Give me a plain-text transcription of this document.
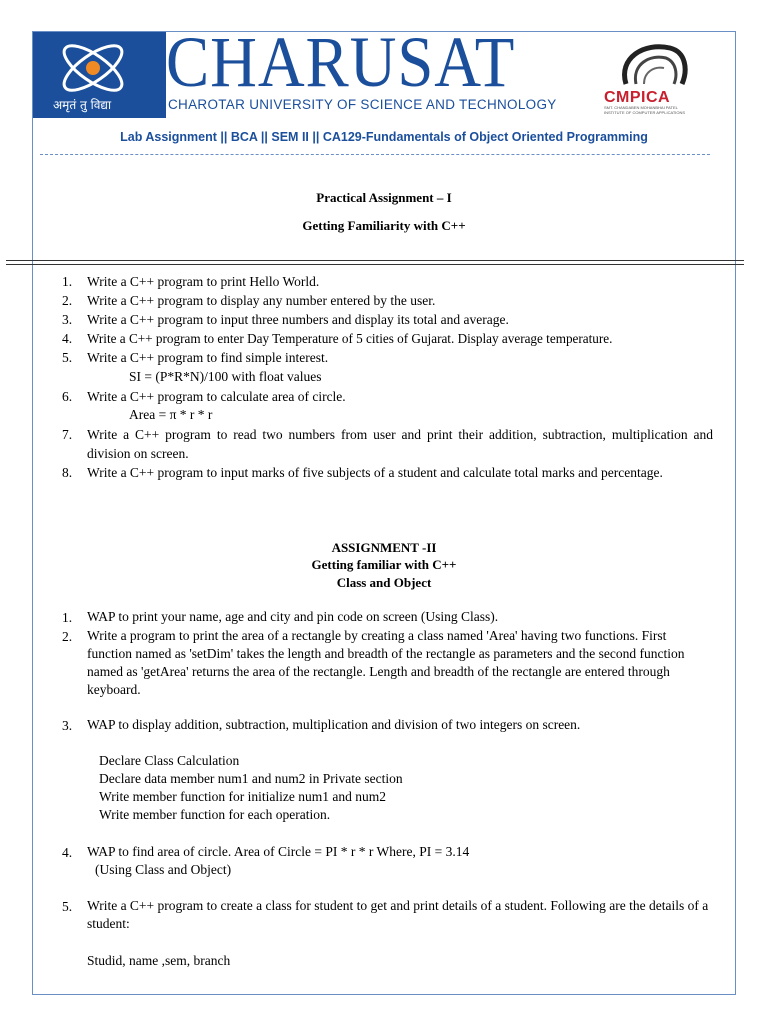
अमृतं तु विद्या
CHARUSAT
CHAROTAR UNIVERSITY OF SCIENCE AND TECHNOLOGY	CMPICA
SMT. CHANDABEN MOHANBHAI PATEL INSTITUTE OF COMPUTER APPLICATIONS
Lab Assignment || BCA || SEM II || CA129-Fundamentals of Object Oriented Programming
Practical Assignment – I
Getting Familiarity with C++
1. Write a C++ program to print Hello World.
2. Write a C++ program to display any number entered by the user.
3. Write a C++ program to input three numbers and display its total and average.
4. Write a C++ program to enter Day Temperature of 5 cities of Gujarat. Display average temperature.
5. Write a C++ program to find simple interest.
SI = (P*R*N)/100 with float values
6. Write a C++ program to calculate area of circle.
Area = π * r * r
7. Write a C++ program to read two numbers from user and print their addition, subtraction, multiplication and division on screen.
8. Write a C++ program to input marks of five subjects of a student and calculate total marks and percentage.
ASSIGNMENT -II
Getting familiar with C++
Class and Object
1. WAP to print your name, age and city and pin code on screen (Using Class).
2. Write a program to print the area of a rectangle by creating a class named 'Area' having two functions. First function named as 'setDim' takes the length and breadth of the rectangle as parameters and the second function named as 'getArea' returns the area of the rectangle. Length and breadth of the rectangle are entered through keyboard.
3. WAP to display addition, subtraction, multiplication and division of two integers on screen.
Declare Class Calculation
Declare data member num1 and num2 in Private section
Write member function for initialize num1 and num2
Write member function for each operation.
4. WAP to find area of circle. Area of Circle = PI * r * r Where, PI = 3.14
(Using Class and Object)
5. Write a C++ program to create a class for student to get and print details of a student. Following are the details of a student:
Studid, name ,sem, branch
